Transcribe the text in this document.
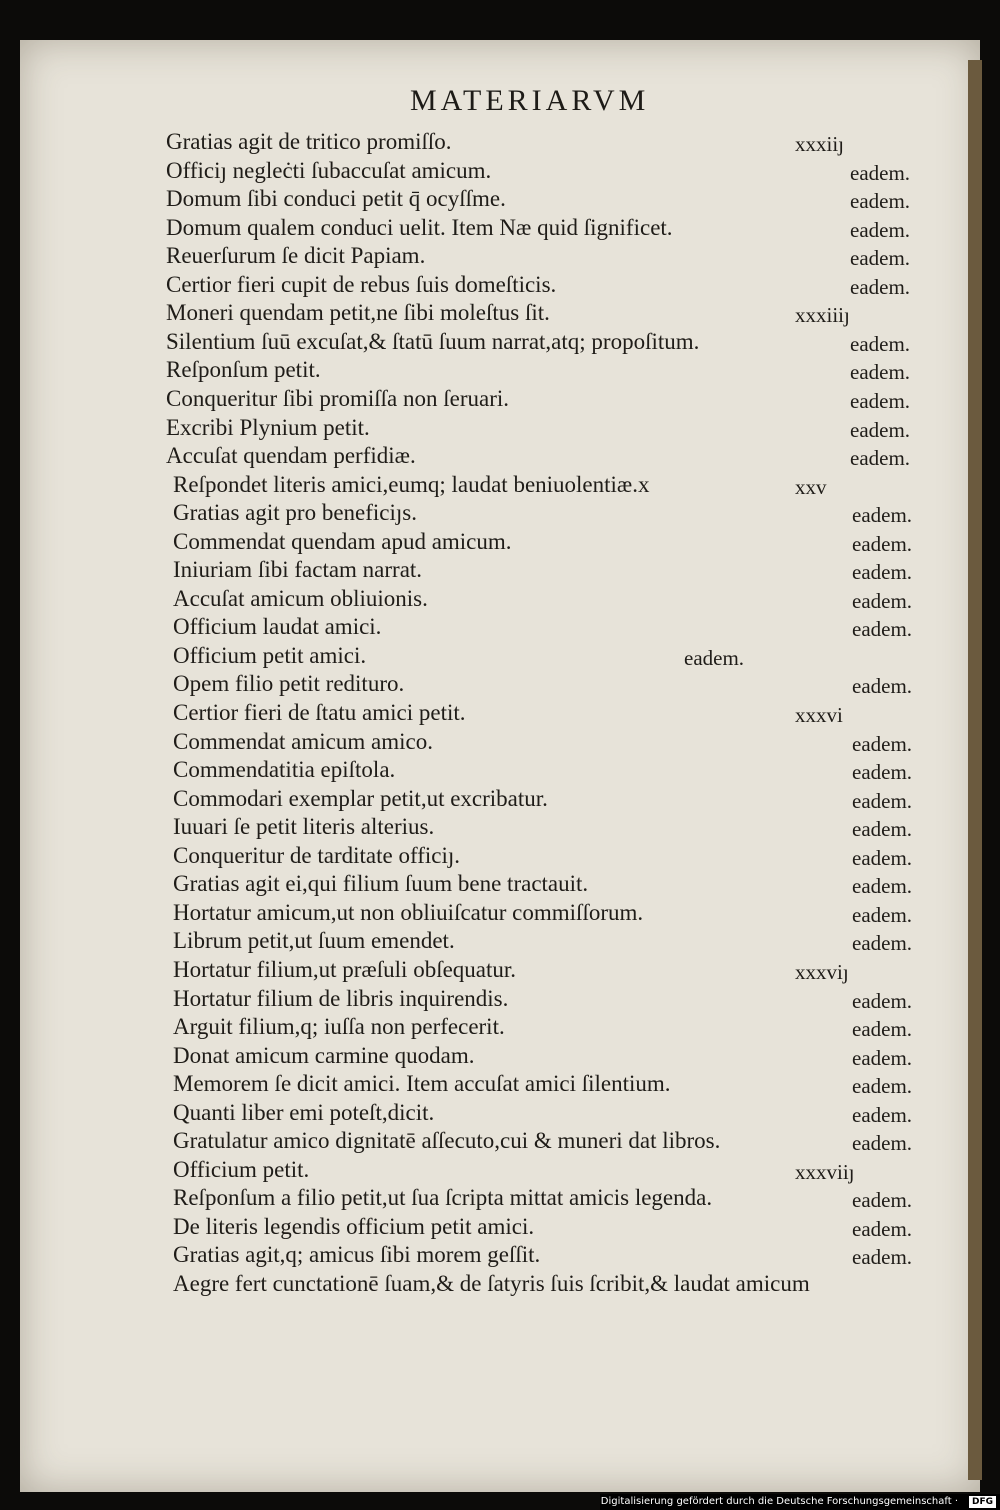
MATERIARVM
Gratias agit de tritico promiſſo.	xxxiiȷ
Officiȷ negleċti ſubaccuſat amicum.	eadem.
Domum ſibi conduci petit q̄ ocyſſme.	eadem.
Domum qualem conduci uelit. Item Næ quid ſignificet.	eadem.
Reuerſurum ſe dicit Papiam.	eadem.
Certior fieri cupit de rebus ſuis domeſticis.	eadem.
Moneri quendam petit,ne ſibi moleſtus ſit.	xxxiiiȷ
Silentium ſuū excuſat,& ſtatū ſuum narrat,atq; propoſitum.	eadem.
Reſponſum petit.	eadem.
Conqueritur ſibi promiſſa non ſeruari.	eadem.
Excribi Plynium petit.	eadem.
Accuſat quendam perfidiæ.	eadem.
Reſpondet literis amici,eumq; laudat beniuolentiæ.x	xxv
Gratias agit pro beneficiȷs.	eadem.
Commendat quendam apud amicum.	eadem.
Iniuriam ſibi factam narrat.	eadem.
Accuſat amicum obliuionis.	eadem.
Officium laudat amici.	eadem.
Officium petit amici.	eadem.
Opem filio petit redituro.	eadem.
Certior fieri de ſtatu amici petit.	xxxvi
Commendat amicum amico.	eadem.
Commendatitia epiſtola.	eadem.
Commodari exemplar petit,ut excribatur.	eadem.
Iuuari ſe petit literis alterius.	eadem.
Conqueritur de tarditate officiȷ.	eadem.
Gratias agit ei,qui filium ſuum bene tractauit.	eadem.
Hortatur amicum,ut non obliuiſcatur commiſſorum.	eadem.
Librum petit,ut ſuum emendet.	eadem.
Hortatur filium,ut præſuli obſequatur.	xxxviȷ
Hortatur filium de libris inquirendis.	eadem.
Arguit filium,q; iuſſa non perfecerit.	eadem.
Donat amicum carmine quodam.	eadem.
Memorem ſe dicit amici. Item accuſat amici ſilentium.	eadem.
Quanti liber emi poteſt,dicit.	eadem.
Gratulatur amico dignitatē aſſecuto,cui & muneri dat libros.	eadem.
Officium petit.	xxxviiȷ
Reſponſum a filio petit,ut ſua ſcripta mittat amicis legenda.	eadem.
De literis legendis officium petit amici.	eadem.
Gratias agit,q; amicus ſibi morem geſſit.	eadem.
Aegre fert cunctationē ſuam,& de ſatyris ſuis ſcribit,& laudat amicum
Digitalisierung gefördert durch die Deutsche Forschungsgemeinschaft ·	DFG
